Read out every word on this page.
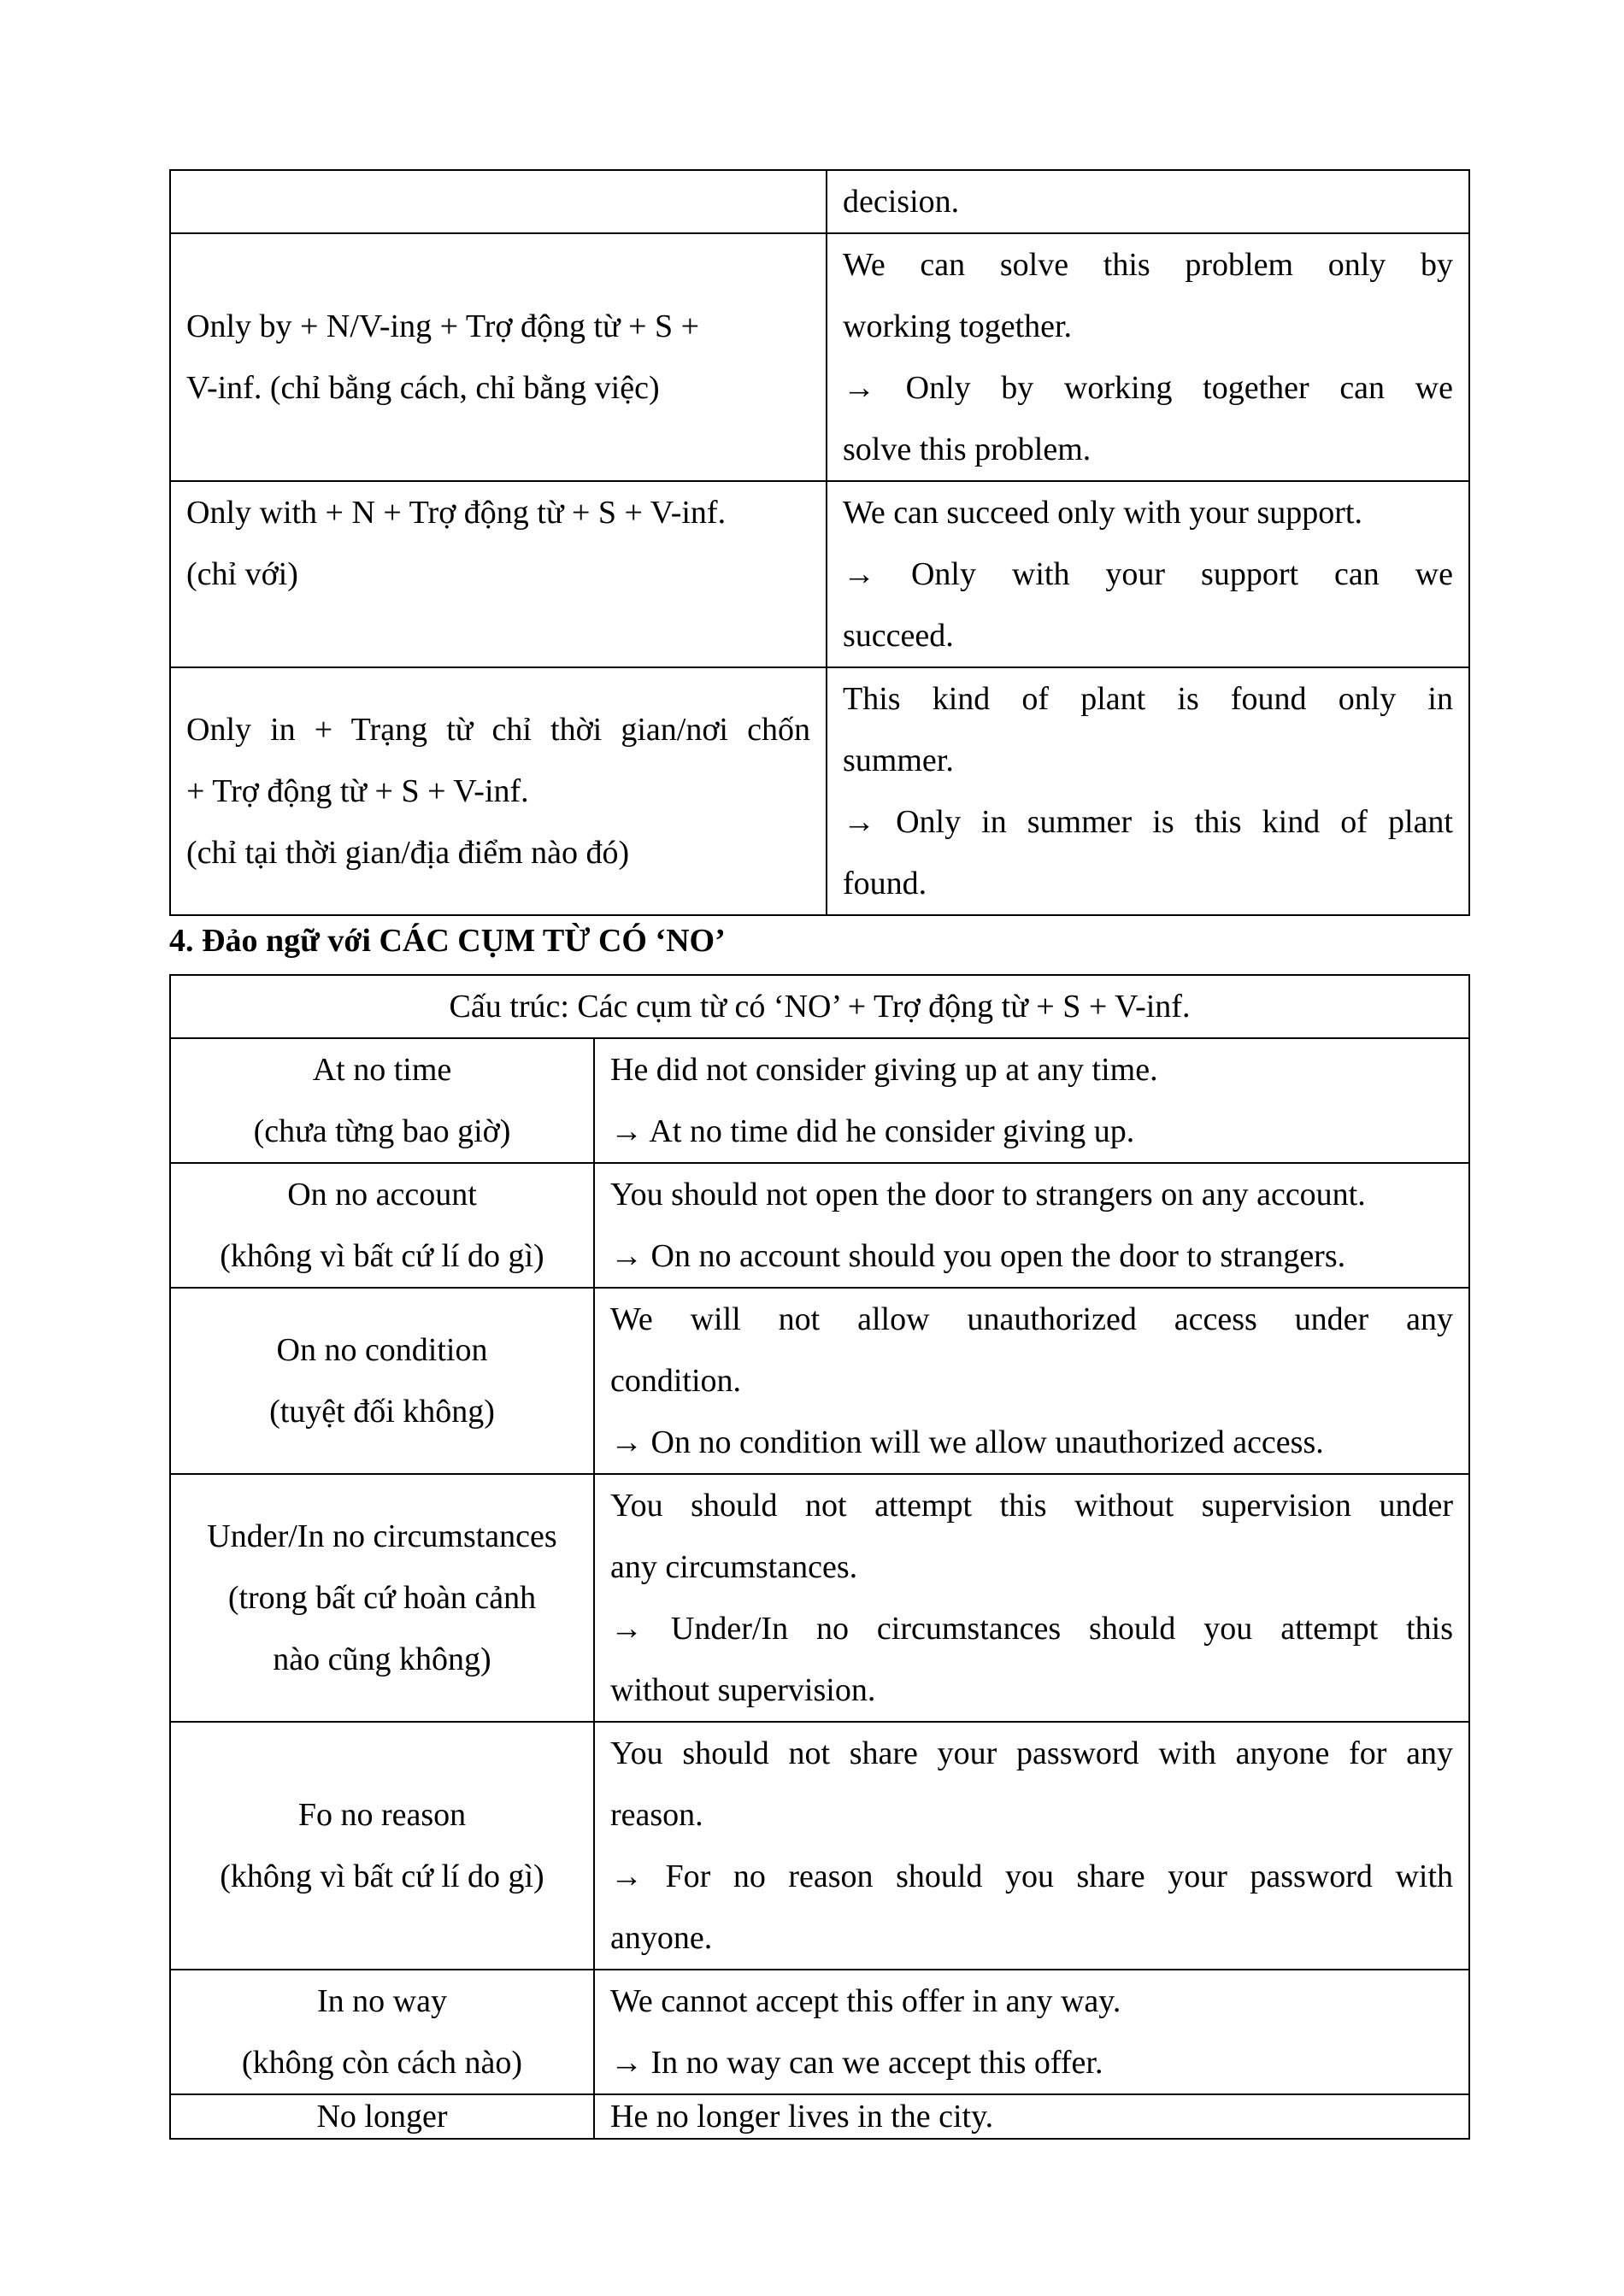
	decision.

Only by + N/V-ing + Trợ động từ + S +
V-inf. (chỉ bằng cách, chỉ bằng việc)	We can solve this problem only by
working together.
→ Only by working together can we
solve this problem.

Only with + N + Trợ động từ + S + V-inf.
(chỉ với)	We can succeed only with your support.
→ Only with your support can we
succeed.

Only in + Trạng từ chỉ thời gian/nơi chốn
+ Trợ động từ + S + V-inf.
(chỉ tại thời gian/địa điểm nào đó)	This kind of plant is found only in
summer.
→ Only in summer is this kind of plant
found.
4. Đảo ngữ với CÁC CỤM TỪ CÓ ‘NO’
Cấu trúc: Các cụm từ có ‘NO’ + Trợ động từ + S + V-inf.	

At no time
(chưa từng bao giờ)	He did not consider giving up at any time.
→ At no time did he consider giving up.

On no account
(không vì bất cứ lí do gì)	You should not open the door to strangers on any account.
→ On no account should you open the door to strangers.

On no condition
(tuyệt đối không)	We will not allow unauthorized access under any
condition.
→ On no condition will we allow unauthorized access.

Under/In no circumstances
(trong bất cứ hoàn cảnh
nào cũng không)	You should not attempt this without supervision under
any circumstances.
→ Under/In no circumstances should you attempt this
without supervision.

Fo no reason
(không vì bất cứ lí do gì)	You should not share your password with anyone for any
reason.
→ For no reason should you share your password with
anyone.

In no way
(không còn cách nào)	We cannot accept this offer in any way.
→ In no way can we accept this offer.

No longer	He no longer lives in the city.
